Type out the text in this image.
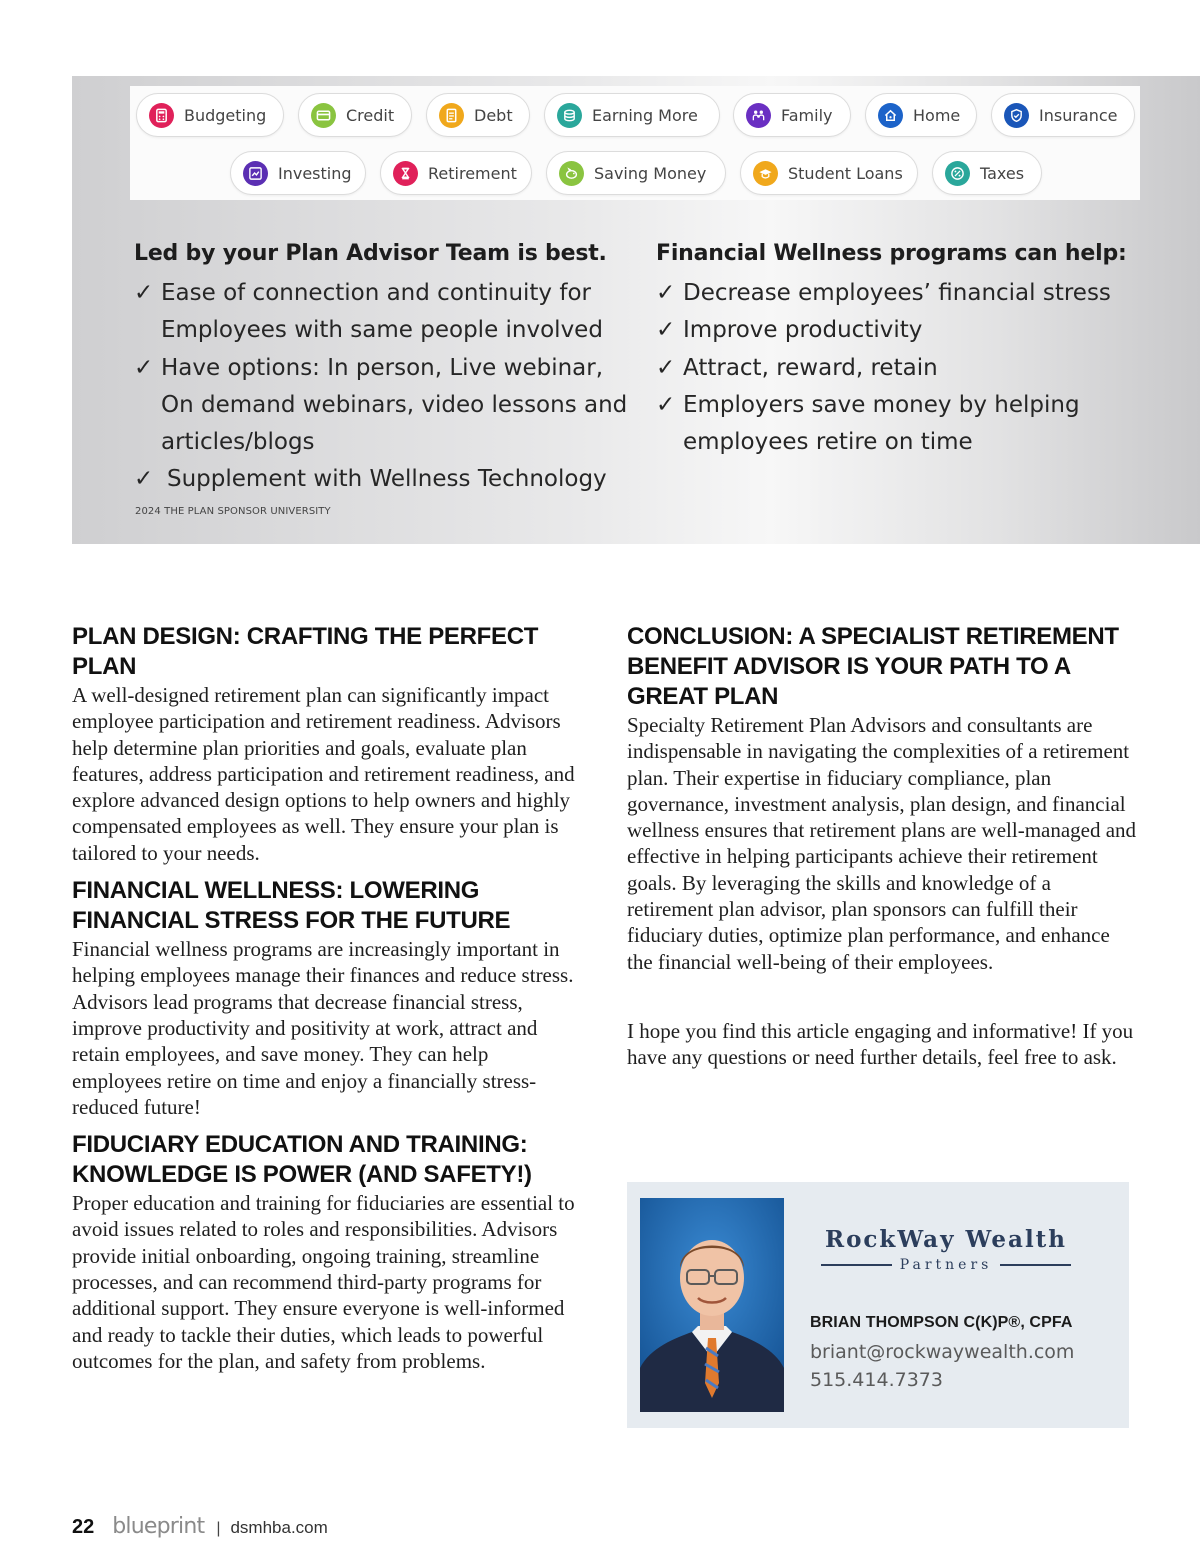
Budgeting	Credit	Debt	Earning More	Family	Home	Insurance
Investing	Retirement	Saving Money	Student Loans	Taxes
Led by your Plan Advisor Team is best.
✓ Ease of connection and continuity for Employees with same people involved
✓ Have options: In person, Live webinar, On demand webinars, video lessons and articles/blogs
✓ Supplement with Wellness Technology
Financial Wellness programs can help:
✓ Decrease employees’ financial stress
✓ Improve productivity
✓ Attract, reward, retain
✓ Employers save money by helping employees retire on time
2024 THE PLAN SPONSOR UNIVERSITY
PLAN DESIGN: CRAFTING THE PERFECT PLAN

A well-designed retirement plan can significantly impact employee participation and retirement readiness. Advisors help determine plan priorities and goals, evaluate plan features, address participation and retirement readiness, and explore advanced design options to help owners and highly compensated employees as well. They ensure your plan is tailored to your needs.

FINANCIAL WELLNESS: LOWERING FINANCIAL STRESS FOR THE FUTURE

Financial wellness programs are increasingly important in helping employees manage their finances and reduce stress. Advisors lead programs that decrease financial stress, improve productivity and positivity at work, attract and retain employees, and save money. They can help employees retire on time and enjoy a financially stress-reduced future!

FIDUCIARY EDUCATION AND TRAINING: KNOWLEDGE IS POWER (AND SAFETY!)

Proper education and training for fiduciaries are essential to avoid issues related to roles and responsibilities. Advisors provide initial onboarding, ongoing training, streamline processes, and can recommend third-party programs for additional support. They ensure everyone is well-informed and ready to tackle their duties, which leads to powerful outcomes for the plan, and safety from problems.

CONCLUSION: A SPECIALIST RETIREMENT BENEFIT ADVISOR IS YOUR PATH TO A GREAT PLAN

Specialty Retirement Plan Advisors and consultants are indispensable in navigating the complexities of a retirement plan. Their expertise in fiduciary compliance, plan governance, investment analysis, plan design, and financial wellness ensures that retirement plans are well-managed and effective in helping participants achieve their retirement goals. By leveraging the skills and knowledge of a retirement plan advisor, plan sponsors can fulfill their fiduciary duties, optimize plan performance, and enhance the financial well-being of their employees.

I hope you find this article engaging and informative! If you have any questions or need further details, feel free to ask.

RockWay Wealth
Partners
BRIAN THOMPSON C(K)P®, CPFA
briant@rockwaywealth.com
515.414.7373
22 blueprint | dsmhba.com
